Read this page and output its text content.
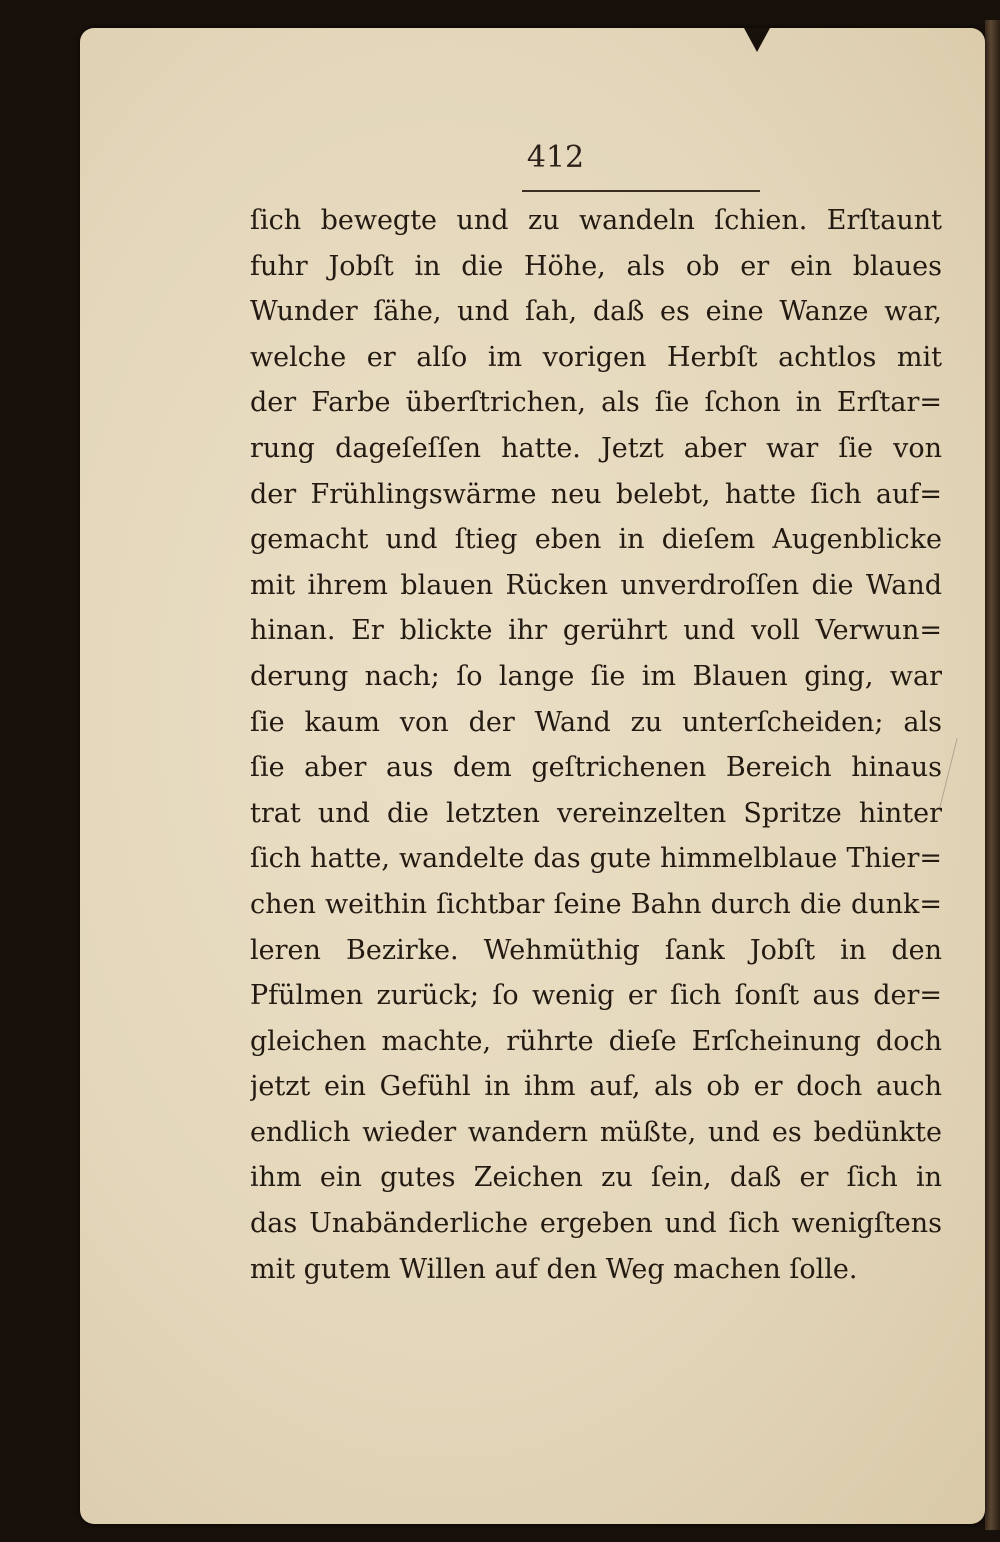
412
ſich bewegte und zu wandeln ſchien. Erſtaunt
fuhr Jobſt in die Höhe, als ob er ein blaues
Wunder ſähe, und ſah, daß es eine Wanze war,
welche er alſo im vorigen Herbſt achtlos mit
der Farbe überſtrichen, als ſie ſchon in Erſtar=
rung dageſeſſen hatte. Jetzt aber war ſie von
der Frühlingswärme neu belebt, hatte ſich auf=
gemacht und ſtieg eben in dieſem Augenblicke
mit ihrem blauen Rücken unverdroſſen die Wand
hinan. Er blickte ihr gerührt und voll Verwun=
derung nach; ſo lange ſie im Blauen ging, war
ſie kaum von der Wand zu unterſcheiden; als
ſie aber aus dem geſtrichenen Bereich hinaus
trat und die letzten vereinzelten Spritze hinter
ſich hatte, wandelte das gute himmelblaue Thier=
chen weithin ſichtbar ſeine Bahn durch die dunk=
leren Bezirke. Wehmüthig ſank Jobſt in den
Pfülmen zurück; ſo wenig er ſich ſonſt aus der=
gleichen machte, rührte dieſe Erſcheinung doch
jetzt ein Gefühl in ihm auf, als ob er doch auch
endlich wieder wandern müßte, und es bedünkte
ihm ein gutes Zeichen zu ſein, daß er ſich in
das Unabänderliche ergeben und ſich wenigſtens
mit gutem Willen auf den Weg machen ſolle.
